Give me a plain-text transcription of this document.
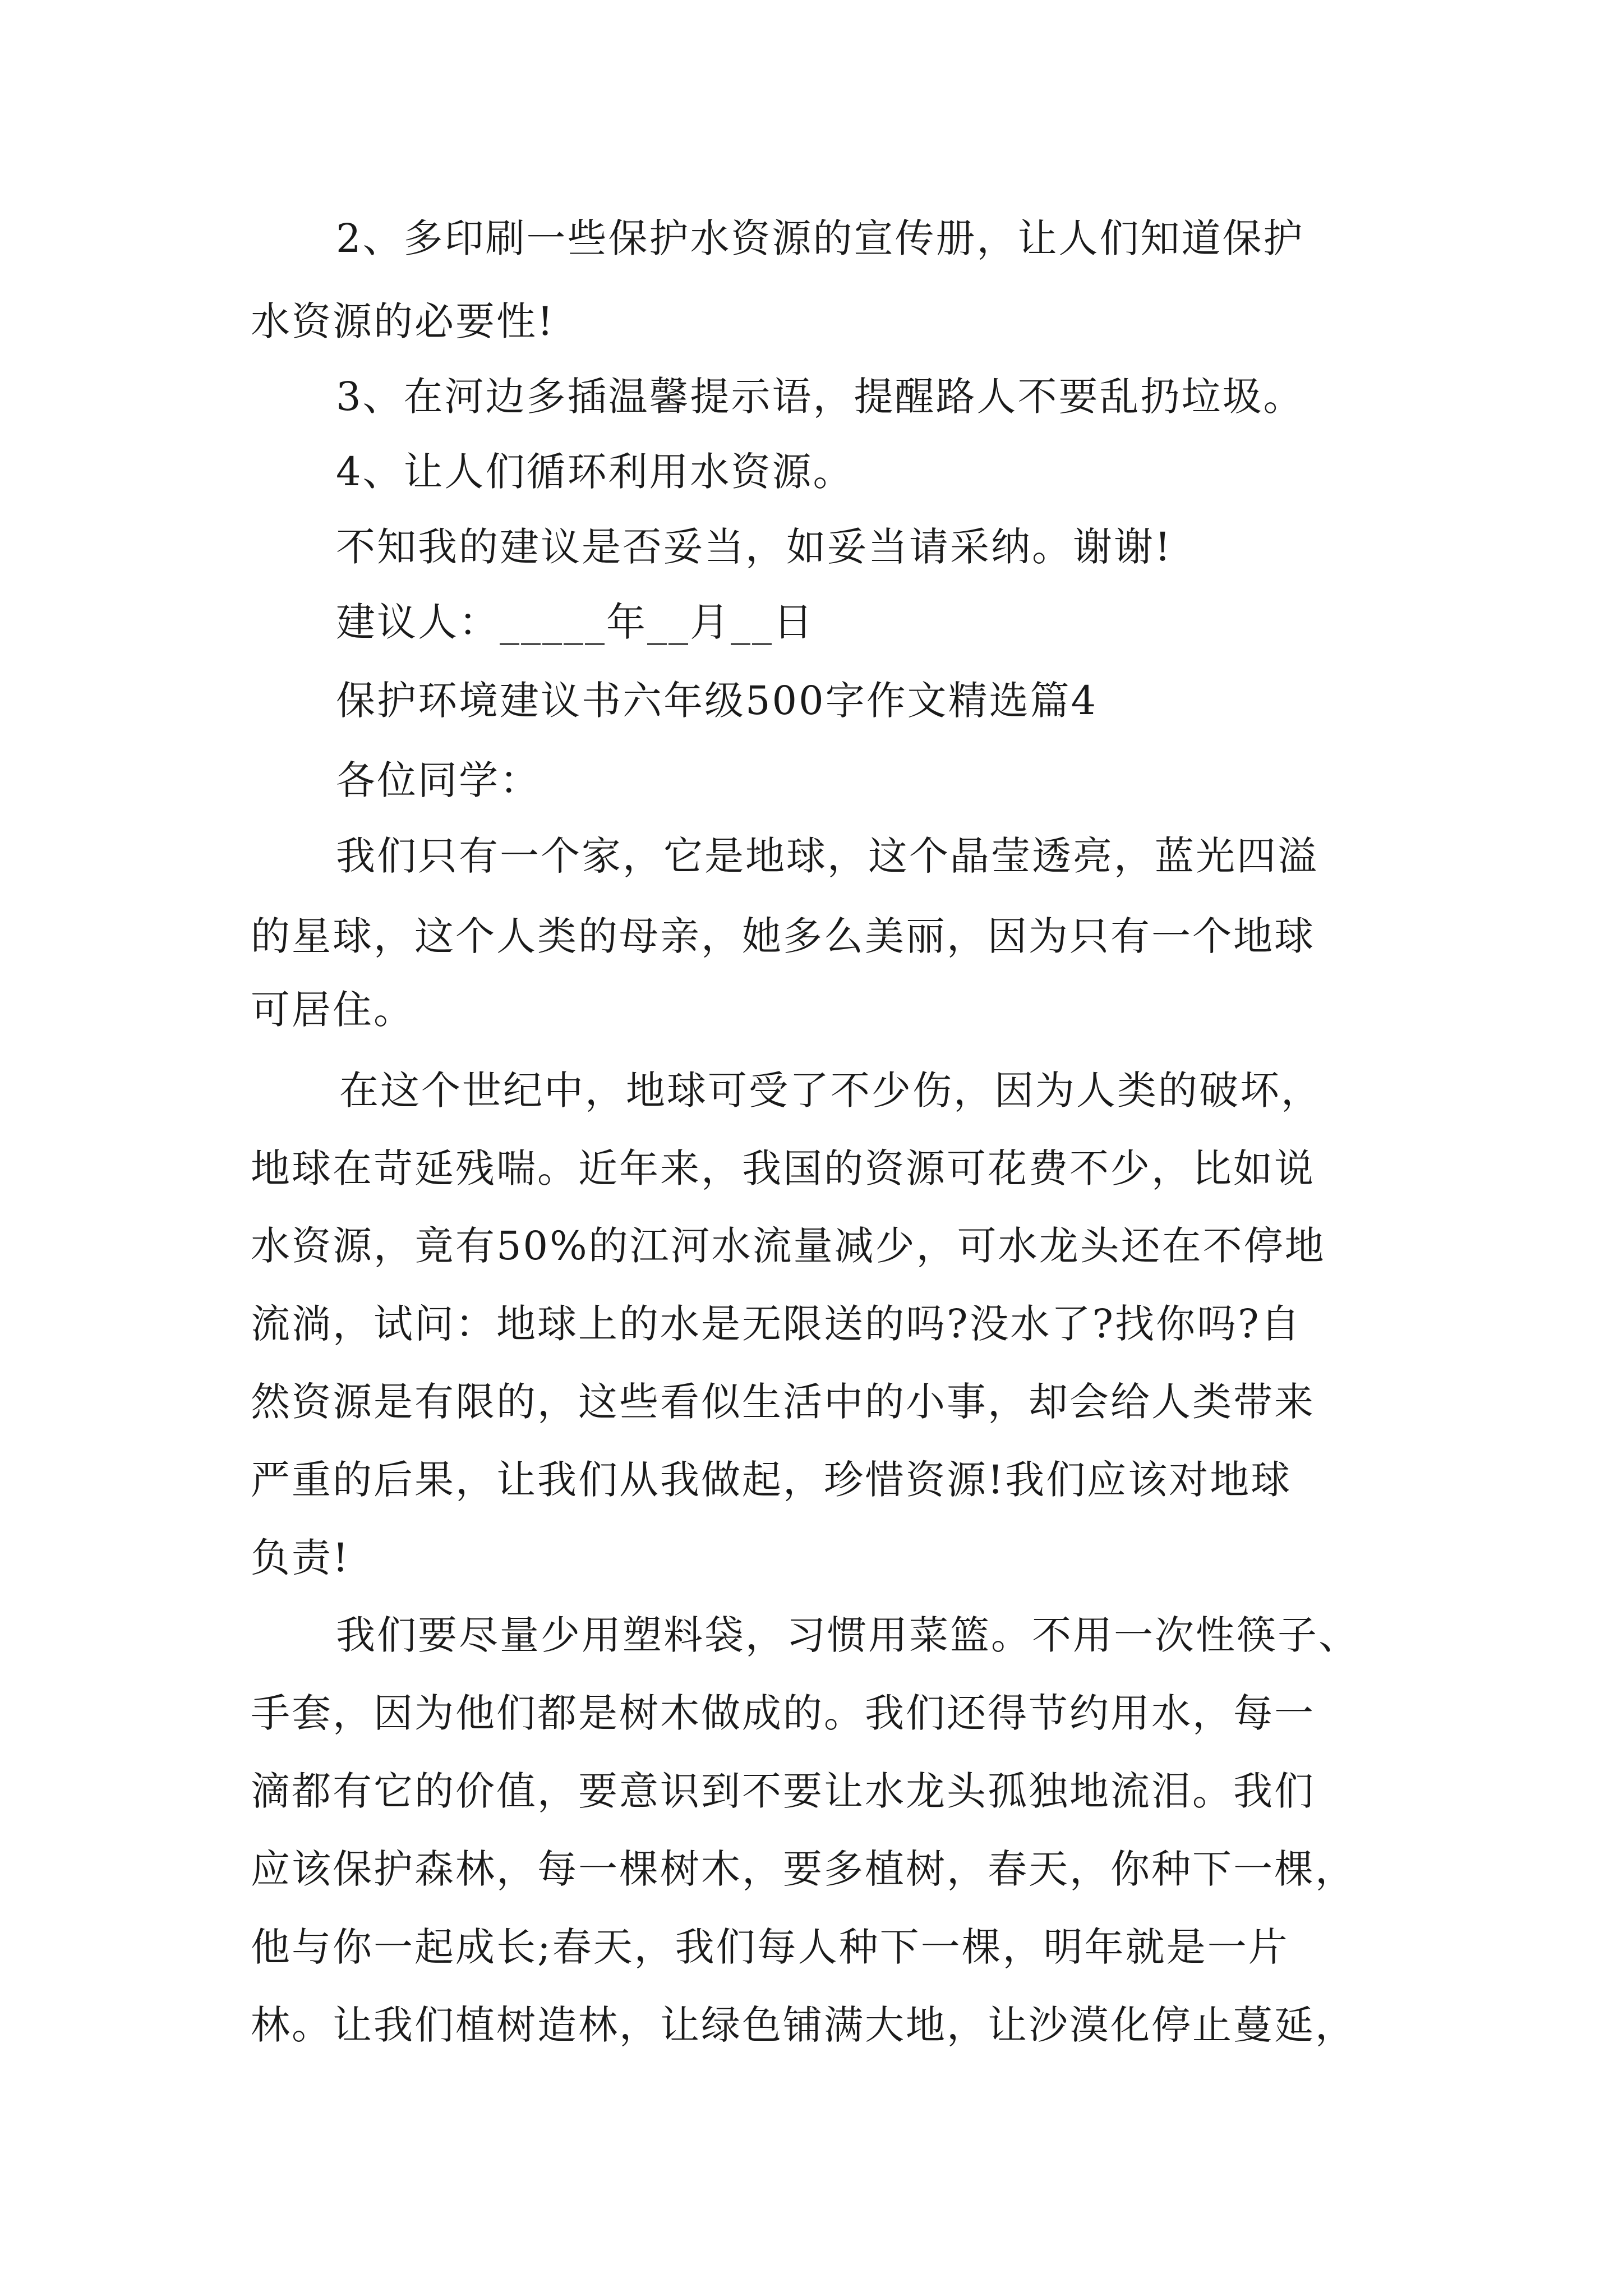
2、多印刷一些保护水资源的宣传册，让人们知道保护

水资源的必要性!

3、在河边多插温馨提示语，提醒路人不要乱扔垃圾。

4、让人们循环利用水资源。

不知我的建议是否妥当，如妥当请采纳。谢谢!

建议人：_____年__月__日

保护环境建议书六年级500字作文精选篇4

各位同学：

我们只有一个家，它是地球，这个晶莹透亮，蓝光四溢

的星球，这个人类的母亲，她多么美丽，因为只有一个地球

可居住。

在这个世纪中，地球可受了不少伤，因为人类的破坏，

地球在苛延残喘。近年来，我国的资源可花费不少，比如说

水资源，竟有50%的江河水流量减少，可水龙头还在不停地

流淌，试问：地球上的水是无限送的吗?没水了?找你吗?自

然资源是有限的，这些看似生活中的小事，却会给人类带来

严重的后果，让我们从我做起，珍惜资源!我们应该对地球

负责!

我们要尽量少用塑料袋，习惯用菜篮。不用一次性筷子、

手套，因为他们都是树木做成的。我们还得节约用水，每一

滴都有它的价值，要意识到不要让水龙头孤独地流泪。我们

应该保护森林，每一棵树木，要多植树，春天，你种下一棵，

他与你一起成长;春天，我们每人种下一棵，明年就是一片

林。让我们植树造林，让绿色铺满大地，让沙漠化停止蔓延，
